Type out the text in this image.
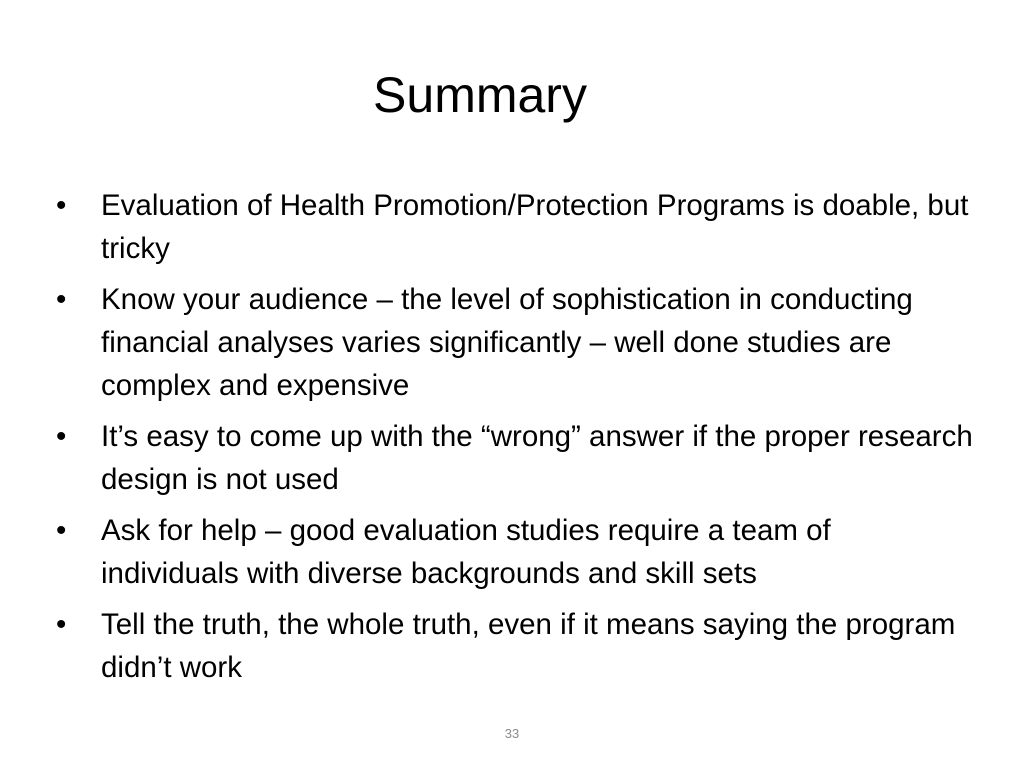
Summary
•	Evaluation of Health Promotion/Protection Programs is doable, but tricky
•	Know your audience – the level of sophistication in conducting financial analyses varies significantly – well done studies are complex and expensive
•	It’s easy to come up with the “wrong” answer if the proper research design is not used
•	Ask for help – good evaluation studies require a team of individuals with diverse backgrounds and skill sets
•	Tell the truth, the whole truth, even if it means saying the program didn’t work
33
